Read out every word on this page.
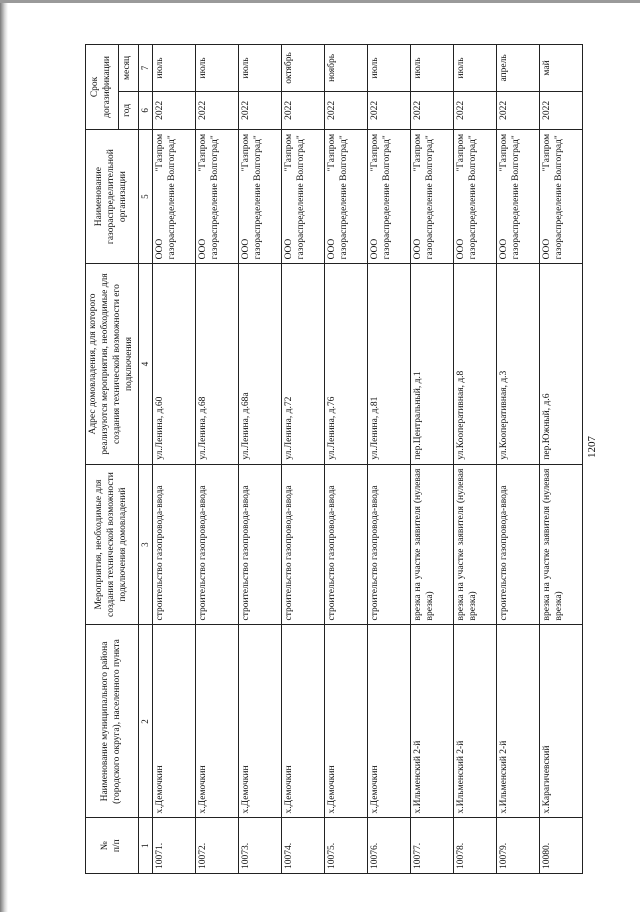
1207
№
п/п	Наименование муниципального района (городского округа), населенного пункта	Мероприятия, необходимые для создания технической возможности подключения домовладений	Адрес домовладения, для которого реализуются мероприятия, необходимые для создания технической возможности его подключения	Наименование газораспределительной организации	Срок догазификации	
					год	месяц
1	2	3	4	5	6	7
10071.	х.Демочкин	строительство газопровода-ввода	ул.Ленина, д.60	ООО "Газпром газораспределение Волгоград"	2022	июль
10072.	х.Демочкин	строительство газопровода-ввода	ул.Ленина, д.68	ООО "Газпром газораспределение Волгоград"	2022	июль
10073.	х.Демочкин	строительство газопровода-ввода	ул.Ленина, д.68а	ООО "Газпром газораспределение Волгоград"	2022	июль
10074.	х.Демочкин	строительство газопровода-ввода	ул.Ленина, д.72	ООО "Газпром газораспределение Волгоград"	2022	октябрь
10075.	х.Демочкин	строительство газопровода-ввода	ул.Ленина, д.76	ООО "Газпром газораспределение Волгоград"	2022	ноябрь
10076.	х.Демочкин	строительство газопровода-ввода	ул.Ленина, д.81	ООО "Газпром газораспределение Волгоград"	2022	июль
10077.	х.Ильменский 2-й	врезка на участке заявителя (нулевая врезка)	пер.Центральный, д.1	ООО "Газпром газораспределение Волгоград"	2022	июль
10078.	х.Ильменский 2-й	врезка на участке заявителя (нулевая врезка)	ул.Кооперативная, д.8	ООО "Газпром газораспределение Волгоград"	2022	июль
10079.	х.Ильменский 2-й	строительство газопровода-ввода	ул.Кооперативная, д.3	ООО "Газпром газораспределение Волгоград"	2022	апрель
10080.	х.Карагичевский	врезка на участке заявителя (нулевая врезка)	пер.Южный, д.6	ООО "Газпром газораспределение Волгоград"	2022	май
